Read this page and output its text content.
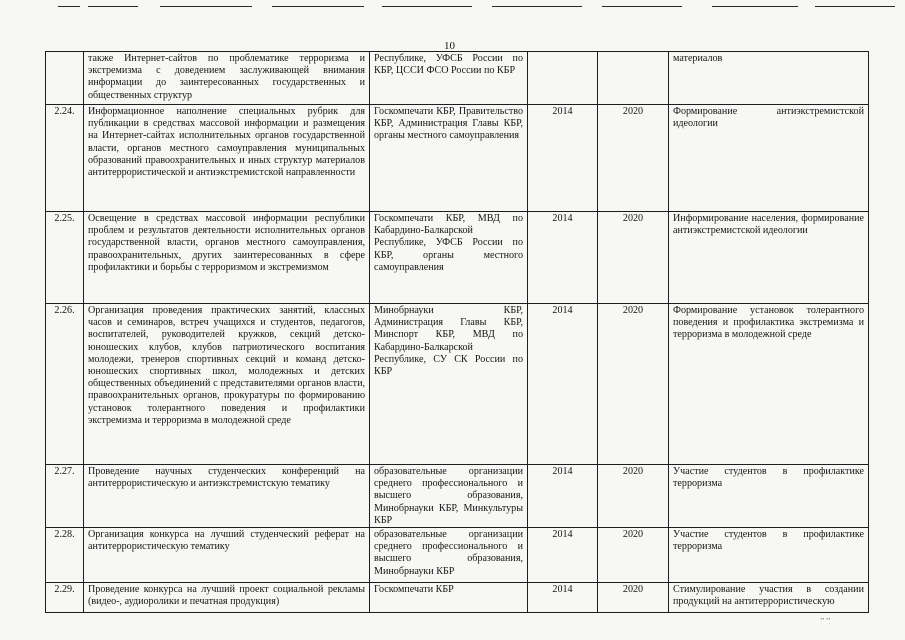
10
	также Интернет-сайтов по проблематике терроризма и экстремизма с доведением заслуживающей внимания информации до заинтересованных государственных и общественных структур	Республике, УФСБ России по КБР, ЦССИ ФСО России по КБР			материалов
2.24.	Информационное наполнение специальных рубрик для публикации в средствах массовой информации и размещения на Интернет-сайтах исполнительных органов государственной власти, органов местного самоуправления муниципальных образований правоохранительных и иных структур материалов антитеррористической и антиэкстремистской направленности	Госкомпечати КБР, Правительство КБР, Администрация Главы КБР, органы местного самоуправления	2014	2020	Формирование антиэкстремистской идеологии
2.25.	Освещение в средствах массовой информации республики проблем и результатов деятельности исполнительных органов государственной власти, органов местного самоуправления, правоохранительных, других заинтересованных в сфере профилактики и борьбы с терроризмом и экстремизмом	Госкомпечати КБР, МВД по Кабардино-Балкарской Республике, УФСБ России по КБР, органы местного самоуправления	2014	2020	Информирование населения, формирование антиэкстремистской идеологии
2.26.	Организация проведения практических занятий, классных часов и семинаров, встреч учащихся и студентов, педагогов, воспитателей, руководителей кружков, секций детско-юношеских клубов, клубов патриотического воспитания молодежи, тренеров спортивных секций и команд детско-юношеских спортивных школ, молодежных и детских общественных объединений с представителями органов власти, правоохранительных органов, прокуратуры по формированию установок толерантного поведения и профилактики экстремизма и терроризма в молодежной среде	Минобрнауки КБР, Администрация Главы КБР, Минспорт КБР, МВД по Кабардино-Балкарской Республике, СУ СК России по КБР	2014	2020	Формирование установок толерантного поведения и профилактика экстремизма и терроризма в молодежной среде
2.27.	Проведение научных студенческих конференций на антитеррористическую и антиэкстремистскую тематику	образовательные организации среднего профессионального и высшего образования, Минобрнауки КБР, Минкультуры КБР	2014	2020	Участие студентов в профилактике терроризма
2.28.	Организация конкурса на лучший студенческий реферат на антитеррористическую тематику	образовательные организации среднего профессионального и высшего образования, Минобрнауки КБР	2014	2020	Участие студентов в профилактике терроризма
2.29.	Проведение конкурса на лучший проект социальной рекламы (видео-, аудиоролики и печатная продукция)	Госкомпечати КБР	2014	2020	Стимулирование участия в создании продукций на антитеррористическую
‚, ‚‚
